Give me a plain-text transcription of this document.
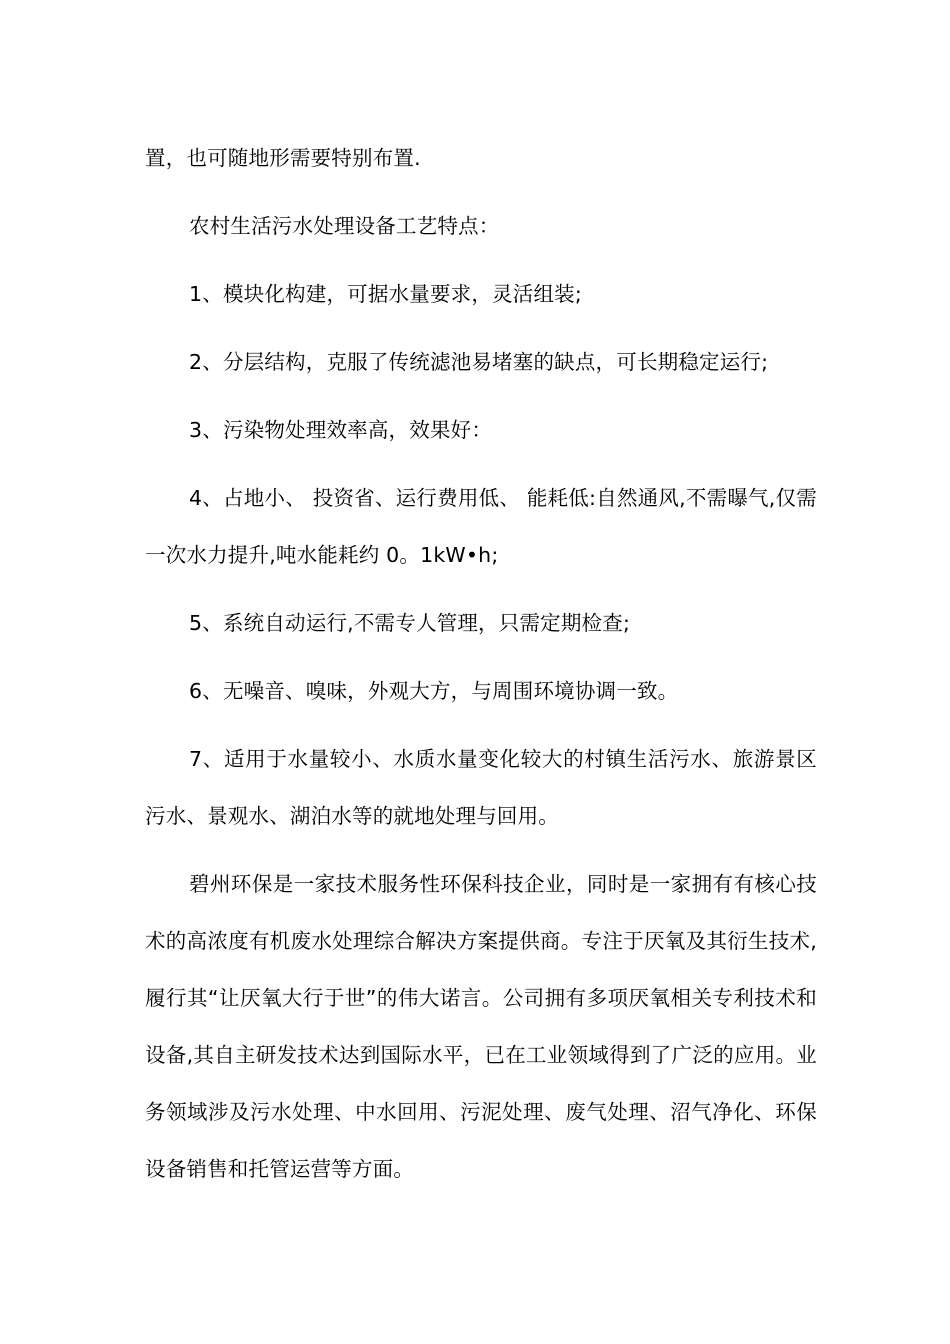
置，也可随地形需要特别布置.

农村生活污水处理设备工艺特点：

1、模块化构建，可据水量要求，灵活组装;

2、分层结构，克服了传统滤池易堵塞的缺点，可长期稳定运行;

3、污染物处理效率高，效果好：

4、占地小、 投资省、运行费用低、 能耗低:自然通风,不需曝气,仅需一次水力提升,吨水能耗约 0。1kW•h;

5、系统自动运行,不需专人管理，只需定期检查;

6、无噪音、嗅味，外观大方，与周围环境协调一致。

7、适用于水量较小、水质水量变化较大的村镇生活污水、旅游景区污水、景观水、湖泊水等的就地处理与回用。

碧州环保是一家技术服务性环保科技企业，同时是一家拥有有核心技术的高浓度有机废水处理综合解决方案提供商。专注于厌氧及其衍生技术,履行其“让厌氧大行于世”的伟大诺言。公司拥有多项厌氧相关专利技术和设备,其自主研发技术达到国际水平，已在工业领域得到了广泛的应用。业务领域涉及污水处理、中水回用、污泥处理、废气处理、沼气净化、环保设备销售和托管运营等方面。
